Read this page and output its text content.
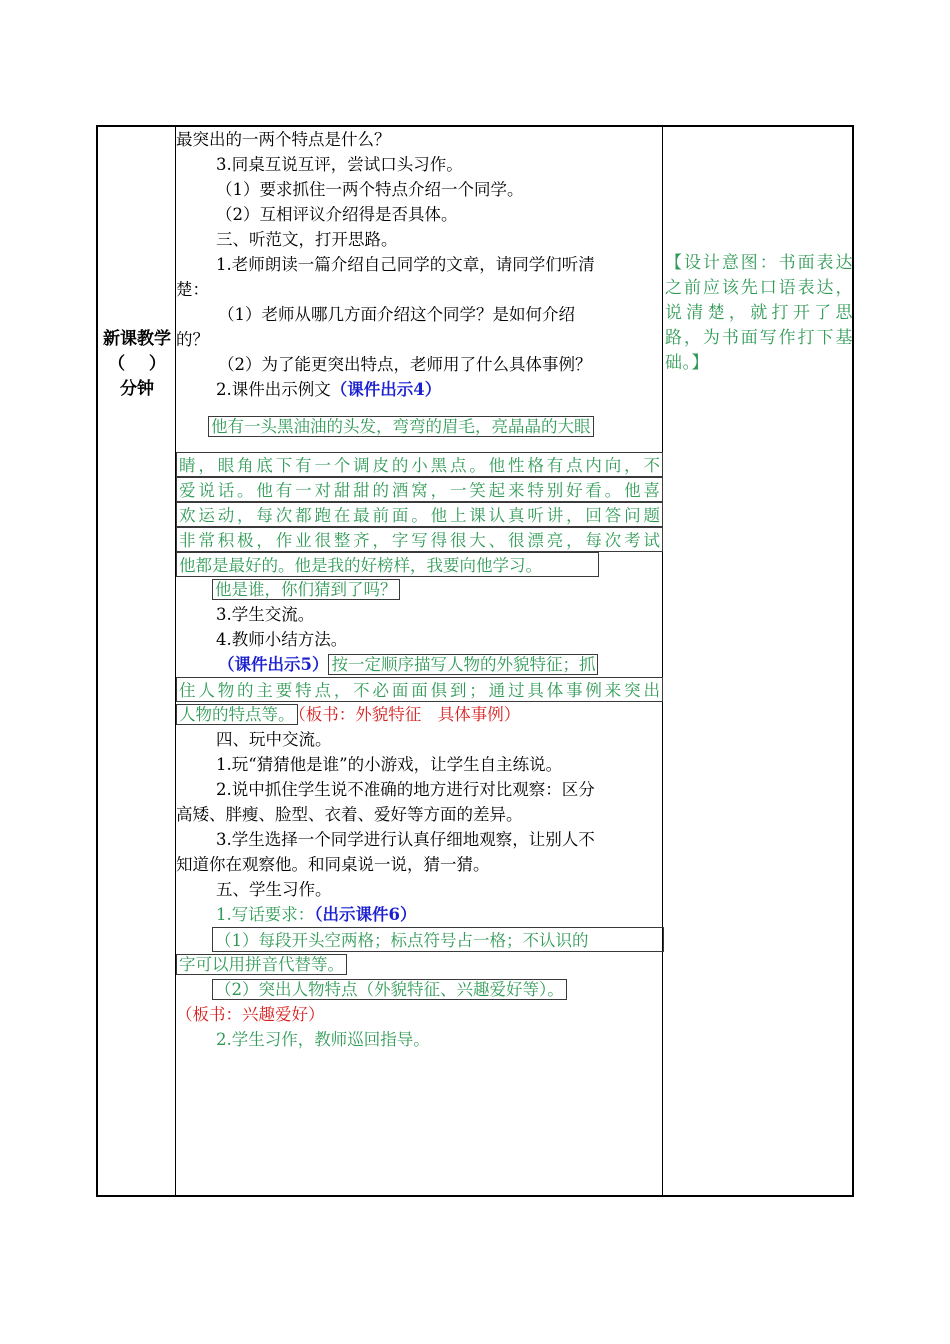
新课教学
（    ）
分钟
最突出的一两个特点是什么？
3.同桌互说互评，尝试口头习作。
（1）要求抓住一两个特点介绍一个同学。
（2）互相评议介绍得是否具体。
三、听范文，打开思路。
1.老师朗读一篇介绍自己同学的文章，请同学们听清
楚：
（1）老师从哪几方面介绍这个同学？是如何介绍
的？
（2）为了能更突出特点，老师用了什么具体事例？
2.课件出示例文（课件出示4）
他有一头黑油油的头发，弯弯的眉毛，亮晶晶的大眼
睛，眼角底下有一个调皮的小黑点。他性格有点内向，不
爱说话。他有一对甜甜的酒窝，一笑起来特别好看。他喜
欢运动，每次都跑在最前面。他上课认真听讲，回答问题
非常积极，作业很整齐，字写得很大、很漂亮，每次考试
他都是最好的。他是我的好榜样，我要向他学习。
他是谁，你们猜到了吗？
3.学生交流。
4.教师小结方法。
（课件出示5） 按一定顺序描写人物的外貌特征；抓
住人物的主要特点，不必面面俱到；通过具体事例来突出
人物的特点等。 （板书：外貌特征　具体事例）
四、玩中交流。
1.玩“猜猜他是谁”的小游戏，让学生自主练说。
2.说中抓住学生说不准确的地方进行对比观察：区分
高矮、胖瘦、脸型、衣着、爱好等方面的差异。
3.学生选择一个同学进行认真仔细地观察，让别人不
知道你在观察他。和同桌说一说，猜一猜。
五、学生习作。
1.写话要求：（出示课件6）
（1）每段开头空两格；标点符号占一格；不认识的
字可以用拼音代替等。
（2）突出人物特点（外貌特征、兴趣爱好等）。
（板书：兴趣爱好）
2.学生习作，教师巡回指导。
【设计意图：书面表达之前应该先口语表达，说清楚，就打开了思路，为书面写作打下基础。】
